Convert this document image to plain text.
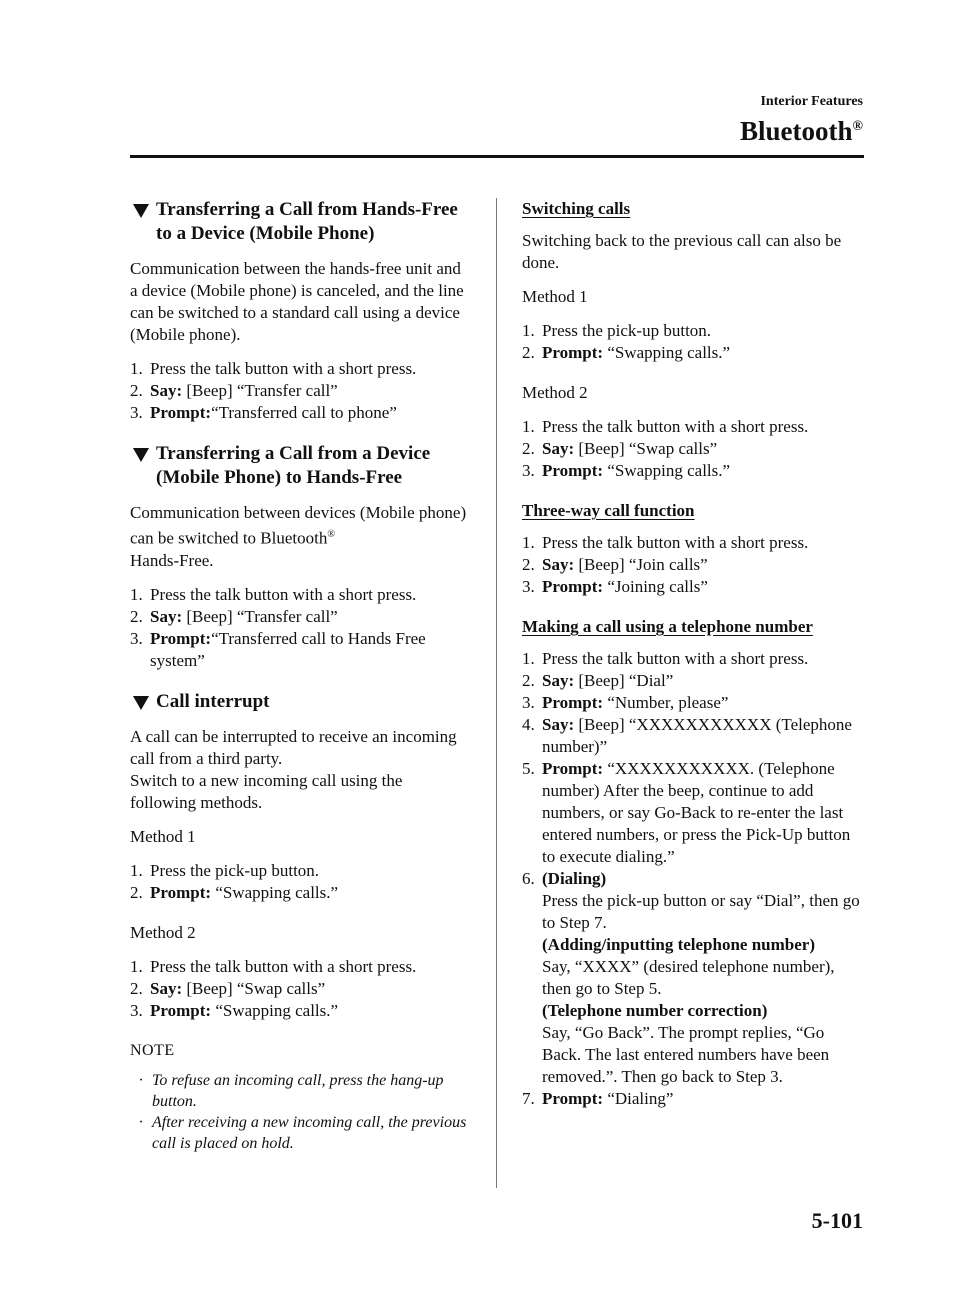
Interior Features
Bluetooth®
Transferring a Call from Hands-Free to a Device (Mobile Phone)

Communication between the hands-free unit and a device (Mobile phone) is canceled, and the line can be switched to a standard call using a device (Mobile phone).

1. Press the talk button with a short press.
2. Say: [Beep] “Transfer call”
3. Prompt:“Transferred call to phone”
Transferring a Call from a Device (Mobile Phone) to Hands-Free

Communication between devices (Mobile phone) can be switched to Bluetooth®
Hands-Free.

1. Press the talk button with a short press.
2. Say: [Beep] “Transfer call”
3. Prompt:“Transferred call to Hands Free system”
Call interrupt

A call can be interrupted to receive an incoming call from a third party.

Switch to a new incoming call using the following methods.

Method 1
1. Press the pick-up button.
2. Prompt: “Swapping calls.”
Method 2
1. Press the talk button with a short press.
2. Say: [Beep] “Swap calls”
3. Prompt: “Swapping calls.”
NOTE
· To refuse an incoming call, press the hang-up button.
· After receiving a new incoming call, the previous call is placed on hold.
Switching calls

Switching back to the previous call can also be done.

Method 1
1. Press the pick-up button.
2. Prompt: “Swapping calls.”
Method 2
1. Press the talk button with a short press.
2. Say: [Beep] “Swap calls”
3. Prompt: “Swapping calls.”
Three-way call function
1. Press the talk button with a short press.
2. Say: [Beep] “Join calls”
3. Prompt: “Joining calls”
Making a call using a telephone number
1. Press the talk button with a short press.
2. Say: [Beep] “Dial”
3. Prompt: “Number, please”
4. Say: [Beep] “XXXXXXXXXXX (Telephone number)”
5. Prompt: “XXXXXXXXXXX. (Telephone number) After the beep, continue to add numbers, or say Go-Back to re-enter the last entered numbers, or press the Pick-Up button to execute dialing.”
6. (Dialing)
Press the pick-up button or say “Dial”, then go to Step 7.
(Adding/inputting telephone number)
Say, “XXXX” (desired telephone number), then go to Step 5.
(Telephone number correction)
Say, “Go Back”. The prompt replies, “Go Back. The last entered numbers have been removed.”. Then go back to Step 3.
7. Prompt: “Dialing”
5-101
